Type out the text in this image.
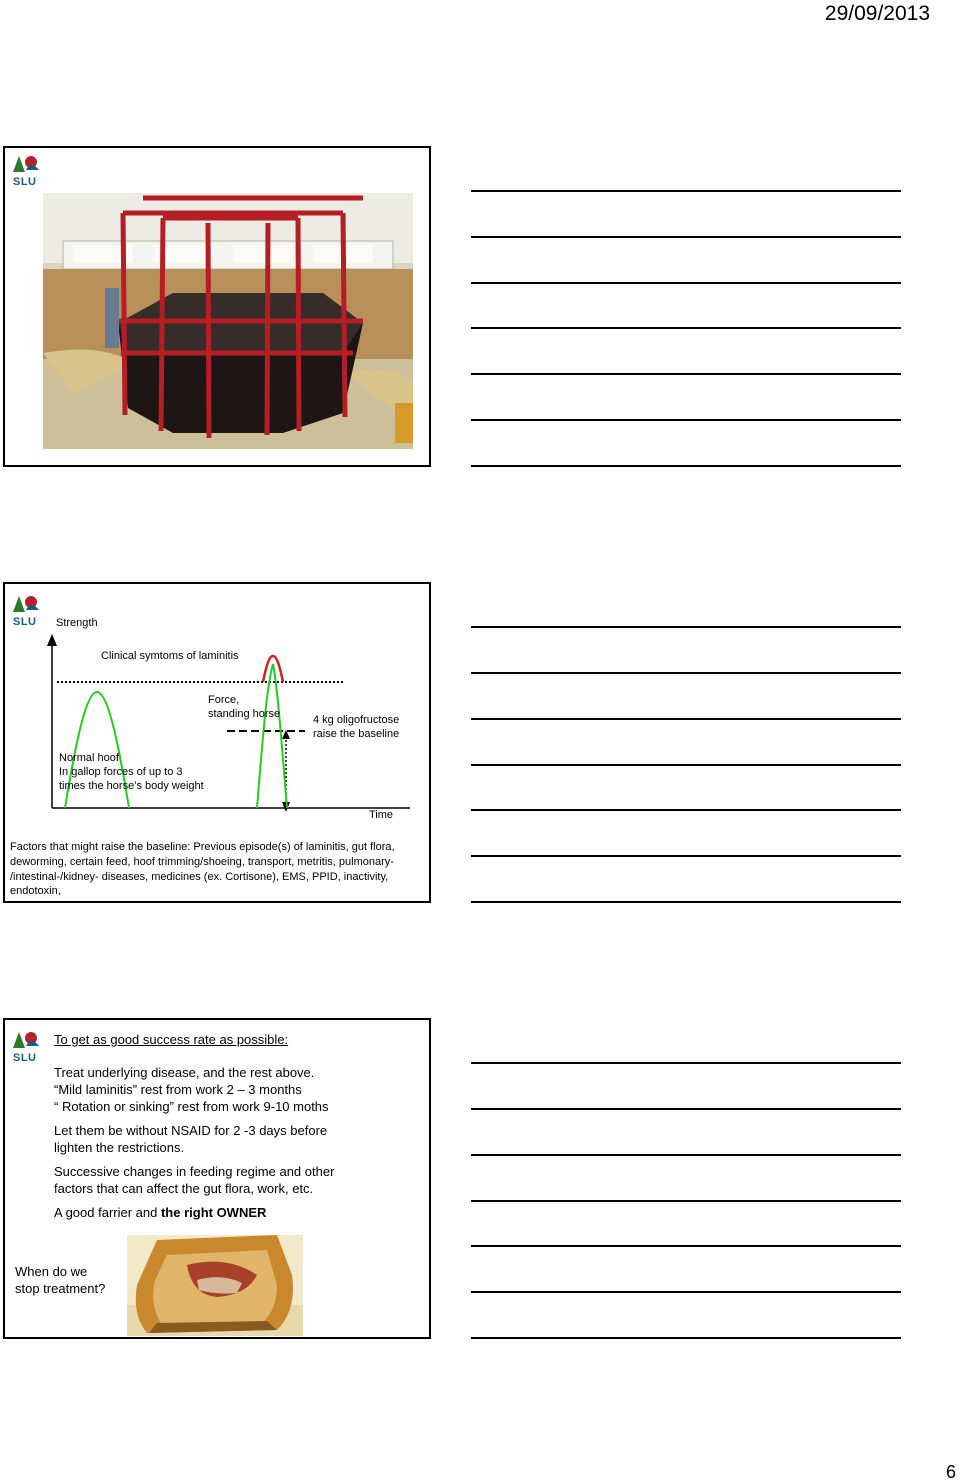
29/09/2013
6
SLU
SLU Strength
Clinical symtoms of laminitis
Force,
standing horse	4 kg oligofructose
raise the baseline
Normal hoof
In gallop forces of up to 3
times the horse’s body weight
Time
Factors that might raise the baseline: Previous episode(s) of laminitis, gut flora,
deworming, certain feed, hoof trimming/shoeing, transport, metritis, pulmonary-
/intestinal-/kidney- diseases, medicines (ex. Cortisone), EMS, PPID, inactivity,
endotoxin,
SLU
To get as good success rate as possible:
Treat underlying disease, and the rest above.
“Mild laminitis” rest from work 2 – 3 months
“ Rotation or sinking” rest from work 9-10 moths
Let them be without NSAID for 2 -3 days before
lighten the restrictions.
Successive changes in feeding regime and other
factors that can affect the gut flora, work, etc.
A good farrier and the right OWNER
When do we
stop treatment?
